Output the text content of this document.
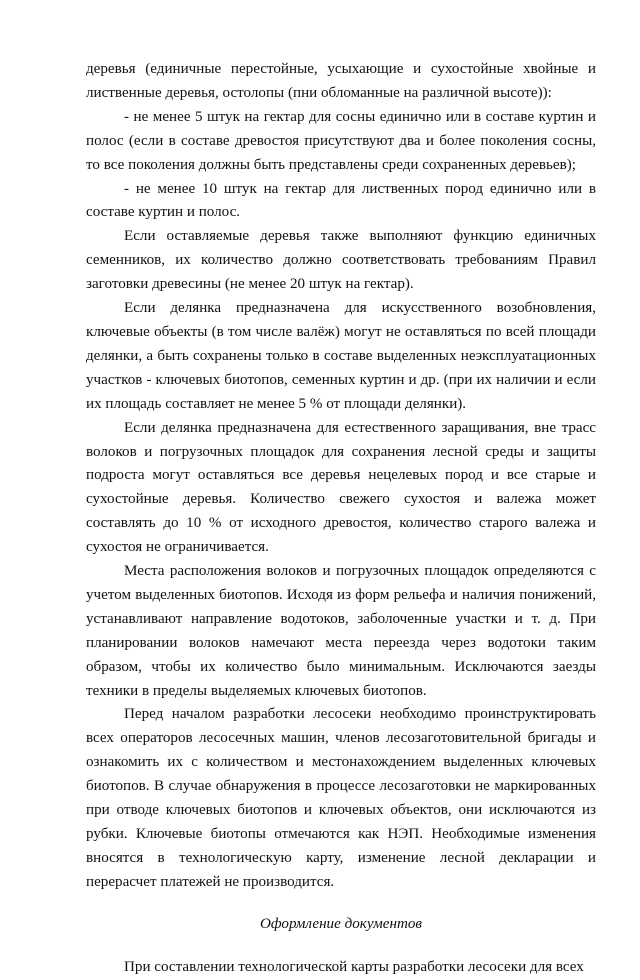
деревья (единичные перестойные, усыхающие и сухостойные хвойные и лиственные деревья, остолопы (пни обломанные на различной высоте)):

- не менее 5 штук на гектар для сосны единично или в составе куртин и полос (если в составе древостоя присутствуют два и более поколения сосны, то все поколения должны быть представлены среди сохраненных деревьев);

- не менее 10 штук на гектар для лиственных пород единично или в составе куртин и полос.

Если оставляемые деревья также выполняют функцию единичных семенников, их количество должно соответствовать требованиям Правил заготовки древесины (не менее 20 штук на гектар).

Если делянка предназначена для искусственного возобновления, ключевые объекты (в том числе валёж) могут не оставляться по всей площади делянки, а быть сохранены только в составе выделенных неэксплуатационных участков - ключевых биотопов, семенных куртин и др. (при их наличии и если их площадь составляет не менее 5 % от площади делянки).

Если делянка предназначена для естественного заращивания, вне трасс волоков и погрузочных площадок для сохранения лесной среды и защиты подроста могут оставляться все деревья нецелевых пород и все старые и сухостойные деревья. Количество свежего сухостоя и валежа может составлять до 10 % от исходного древостоя, количество старого валежа и сухостоя не ограничивается.

Места расположения волоков и погрузочных площадок определяются с учетом выделенных биотопов. Исходя из форм рельефа и наличия понижений, устанавливают направление водотоков, заболоченные участки и т. д. При планировании волоков намечают места переезда через водотоки таким образом, чтобы их количество было минимальным. Исключаются заезды техники в пределы выделяемых ключевых биотопов.

Перед началом разработки лесосеки необходимо проинструктировать всех операторов лесосечных машин, членов лесозаготовительной бригады и ознакомить их с количеством и местонахождением выделенных ключевых биотопов. В случае обнаружения в процессе лесозаготовки не маркированных при отводе ключевых биотопов и ключевых объектов, они исключаются из рубки. Ключевые биотопы отмечаются как НЭП. Необходимые изменения вносятся в технологическую карту, изменение лесной декларации и перерасчет платежей не производится.

Оформление документов

При составлении технологической карты разработки лесосеки для всех
